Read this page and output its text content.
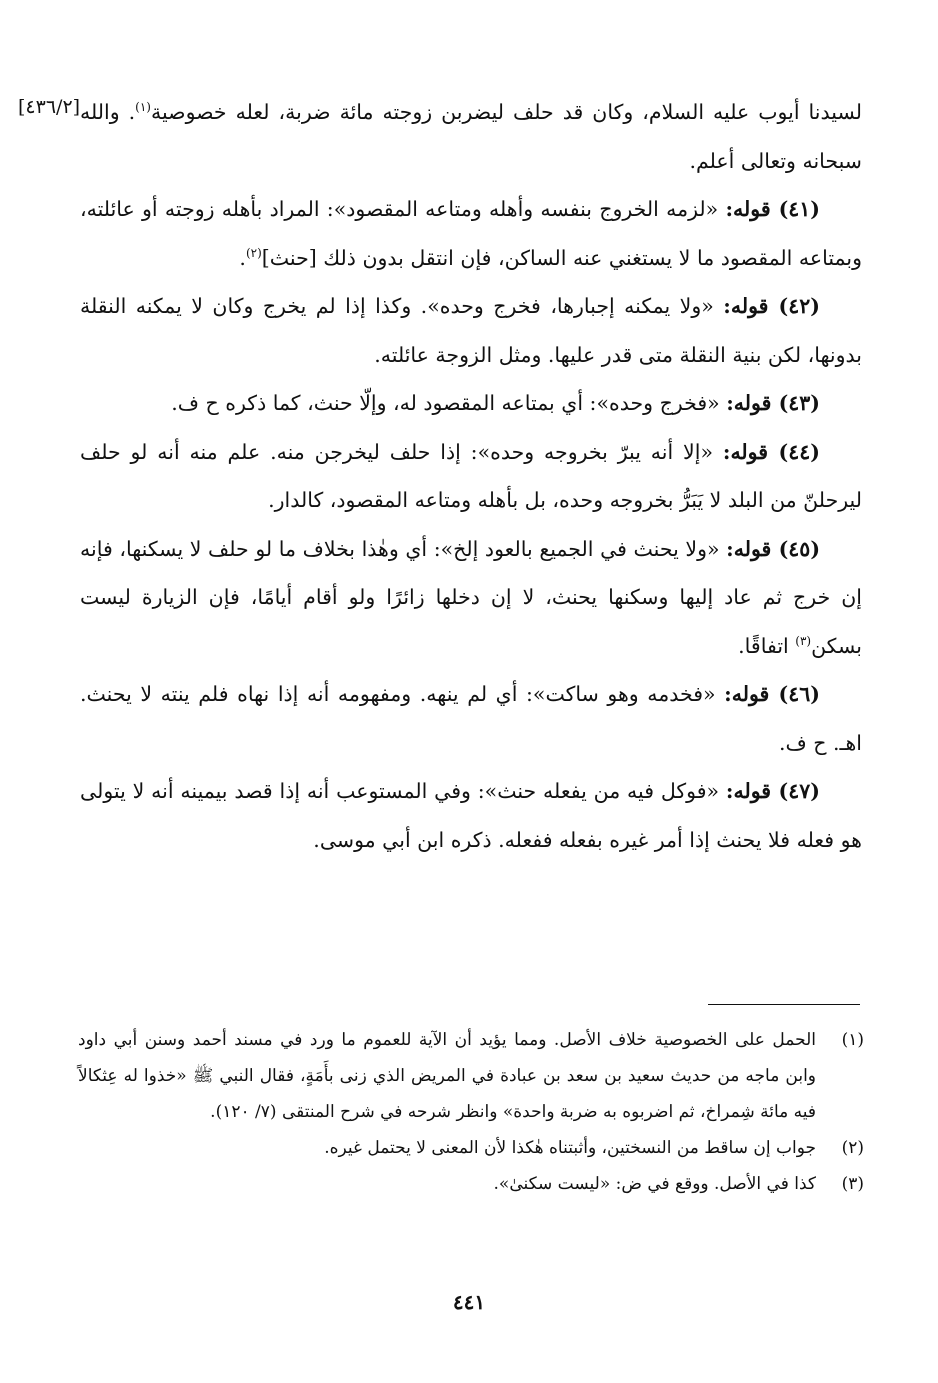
[٤٣٦/٢]	لسيدنا أيوب عليه السلام، وكان قد حلف ليضربن زوجته مائة ضربة، لعله خصوصية$^{(١)}$. والله سبحانه وتعالى أعلم.

(٤١) قوله: «لزمه الخروج بنفسه وأهله ومتاعه المقصود»: المراد بأهله زوجته أو عائلته، وبمتاعه المقصود ما لا يستغني عنه الساكن، فإن انتقل بدون ذلك [حنث]$^{(٢)}$.

(٤٢) قوله: «ولا يمكنه إجبارها، فخرج وحده». وكذا إذا لم يخرج وكان لا يمكنه النقلة بدونها، لكن بنية النقلة متى قدر عليها. ومثل الزوجة عائلته.

(٤٣) قوله: «فخرج وحده»: أي بمتاعه المقصود له، وإلّا حنث، كما ذكره ح ف.

(٤٤) قوله: «إلا أنه يبرّ بخروجه وحده»: إذا حلف ليخرجن منه. علم منه أنه لو حلف ليرحلنّ من البلد لا يَبَرُّ بخروجه وحده، بل بأهله ومتاعه المقصود، كالدار.

(٤٥) قوله: «ولا يحنث في الجميع بالعود إلخ»: أي وهٰذا بخلاف ما لو حلف لا يسكنها، فإنه إن خرج ثم عاد إليها وسكنها يحنث، لا إن دخلها زائرًا ولو أقام أيامًا، فإن الزيارة ليست بسكن$^{(٣)}$ اتفاقًا.

(٤٦) قوله: «فخدمه وهو ساكت»: أي لم ينهه. ومفهومه أنه إذا نهاه فلم ينته لا يحنث. اهـ. ح ف.

(٤٧) قوله: «فوكل فيه من يفعله حنث»: وفي المستوعب أنه إذا قصد بيمينه أنه لا يتولى هو فعله فلا يحنث إذا أمر غيره بفعله ففعله. ذكره ابن أبي موسى.

(١)
الحمل على الخصوصية خلاف الأصل. ومما يؤيد أن الآية للعموم ما ورد في مسند أحمد وسنن أبي داود وابن ماجه من حديث سعيد بن سعد بن عبادة في المريض الذي زنى بأَمَةٍ، فقال النبي ﷺ «خذوا له عِثكالاً فيه مائة شِمراخ، ثم اضربوه به ضربة واحدة» وانظر شرحه في شرح المنتقى (٧/ ١٢٠).
(٢)
جواب إن ساقط من النسختين، وأثبتناه هٰكذا لأن المعنى لا يحتمل غيره.
(٣)
كذا في الأصل. ووقع في ض: «ليست سكنىٰ».
٤٤١
